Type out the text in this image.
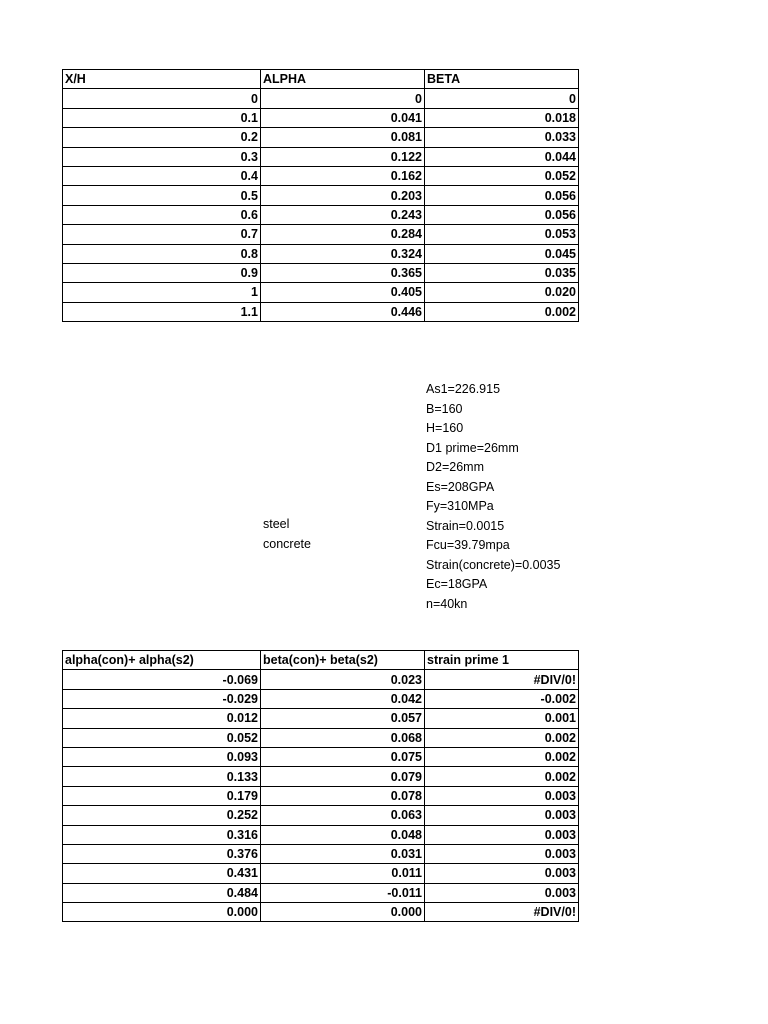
X/H	ALPHA	BETA
0	0	0
0.1	0.041	0.018
0.2	0.081	0.033
0.3	0.122	0.044
0.4	0.162	0.052
0.5	0.203	0.056
0.6	0.243	0.056
0.7	0.284	0.053
0.8	0.324	0.045
0.9	0.365	0.035
1	0.405	0.020
1.1	0.446	0.002
steel
concrete
As1=226.915
B=160
H=160
D1 prime=26mm
D2=26mm
Es=208GPA
Fy=310MPa
Strain=0.0015
Fcu=39.79mpa
Strain(concrete)=0.0035
Ec=18GPA
n=40kn
alpha(con)+ alpha(s2)	beta(con)+ beta(s2)	strain prime 1
-0.069	0.023	#DIV/0!
-0.029	0.042	-0.002
0.012	0.057	0.001
0.052	0.068	0.002
0.093	0.075	0.002
0.133	0.079	0.002
0.179	0.078	0.003
0.252	0.063	0.003
0.316	0.048	0.003
0.376	0.031	0.003
0.431	0.011	0.003
0.484	-0.011	0.003
0.000	0.000	#DIV/0!
